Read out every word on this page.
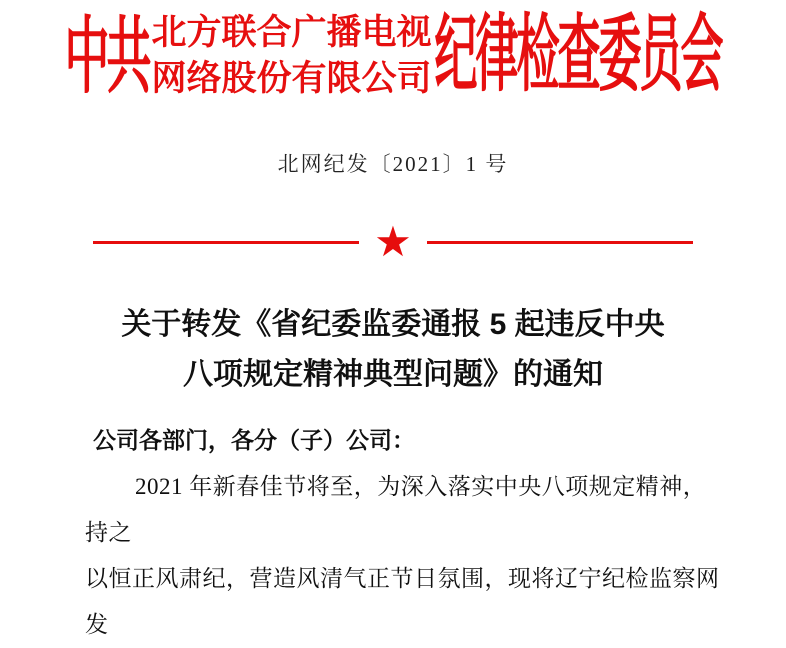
中共 北方联合广播电视
网络股份有限公司 纪律检查委员会
北网纪发〔2021〕1 号
★
关于转发《省纪委监委通报 5 起违反中央
八项规定精神典型问题》的通知
公司各部门，各分（子）公司：
2021 年新春佳节将至，为深入落实中央八项规定精神，持之
以恒正风肃纪，营造风清气正节日氛围，现将辽宁纪检监察网发
